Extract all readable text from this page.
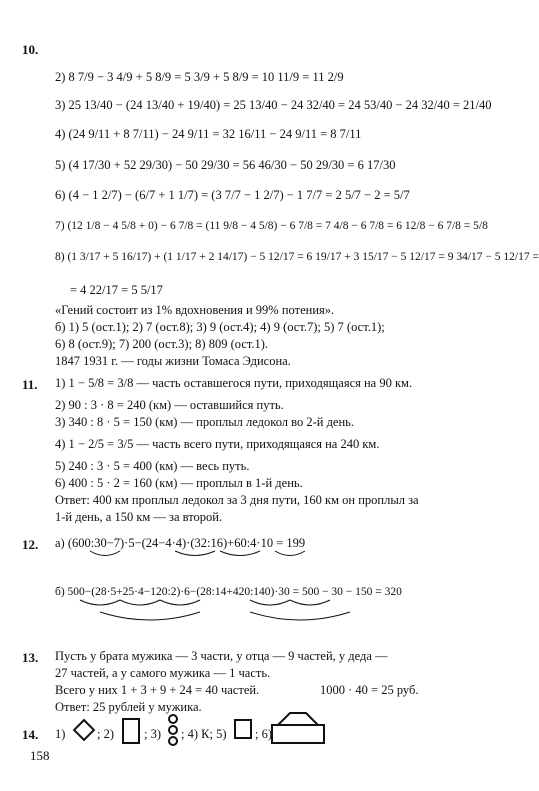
10.
2) 8 7/9 − 3 4/9 + 5 8/9 = 5 3/9 + 5 8/9 = 10 11/9 = 11 2/9
3) 25 13/40 − (24 13/40 + 19/40) = 25 13/40 − 24 32/40 = 24 53/40 − 24 32/40 = 21/40
4) (24 9/11 + 8 7/11) − 24 9/11 = 32 16/11 − 24 9/11 = 8 7/11
5) (4 17/30 + 52 29/30) − 50 29/30 = 56 46/30 − 50 29/30 = 6 17/30
6) (4 − 1 2/7) − (6/7 + 1 1/7) = (3 7/7 − 1 2/7) − 1 7/7 = 2 5/7 − 2 = 5/7
7) (12 1/8 − 4 5/8 + 0) − 6 7/8 = (11 9/8 − 4 5/8) − 6 7/8 = 7 4/8 − 6 7/8 = 6 12/8 − 6 7/8 = 5/8
8) (1 3/17 + 5 16/17) + (1 1/17 + 2 14/17) − 5 12/17 = 6 19/17 + 3 15/17 − 5 12/17 = 9 34/17 − 5 12/17 =
= 4 22/17 = 5 5/17
«Гений состоит из 1% вдохновения и 99% потения».
б) 1) 5 (ост.1); 2) 7 (ост.8); 3) 9 (ост.4); 4) 9 (ост.7); 5) 7 (ост.1);
6) 8 (ост.9); 7) 200 (ост.3); 8) 809 (ост.1).
1847 1931 г. — годы жизни Томаса Эдисона.
11. 1) 1 − 5/8 = 3/8 — часть оставшегося пути, приходящаяся на 90 км.
2) 90 : 3 · 8 = 240 (км) — оставшийся путь.
3) 340 : 8 · 5 = 150 (км) — проплыл ледокол во 2-й день.
4) 1 − 2/5 = 3/5 — часть всего пути, приходящаяся на 240 км.
5) 240 : 3 · 5 = 400 (км) — весь путь.
6) 400 : 5 · 2 = 160 (км) — проплыл в 1-й день.
Ответ: 400 км проплыл ледокол за 3 дня пути, 160 км он проплыл за
1-й день, а 150 км — за второй.
12. а) (600:30−7)·5−(24−4·4)·(32:16)+60:4·10 = 199
б) 500−(28·5+25·4−120:2)·6−(28:14+420:140)·30 = 500 − 30 − 150 = 320
13. Пусть у брата мужика — 3 части, у отца — 9 частей, у деда —
27 частей, а у самого мужика — 1 часть.
Всего у них 1 + 3 + 9 + 24 = 40 частей.	1000 · 40 = 25 руб.
Ответ: 25 рублей у мужика.
14. 1)	; 2) ; 3) ; 4) К; 5) ; 6)
158
